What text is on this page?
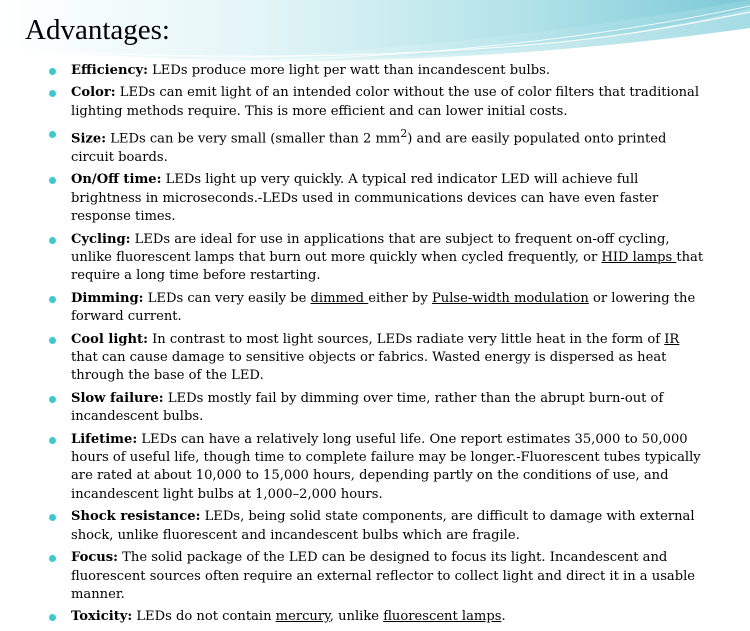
Advantages:
Efficiency: LEDs produce more light per watt than incandescent bulbs.
Color: LEDs can emit light of an intended color without the use of color filters that traditional lighting methods require. This is more efficient and can lower initial costs.
Size: LEDs can be very small (smaller than 2 $mm^2$) and are easily populated onto printed circuit boards.
On/Off time: LEDs light up very quickly. A typical red indicator LED will achieve full brightness in microseconds.-LEDs used in communications devices can have even faster response times.
Cycling: LEDs are ideal for use in applications that are subject to frequent on-off cycling, unlike fluorescent lamps that burn out more quickly when cycled frequently, or HID lamps that require a long time before restarting.
Dimming: LEDs can very easily be dimmed either by Pulse-width modulation or lowering the forward current.
Cool light: In contrast to most light sources, LEDs radiate very little heat in the form of IR that can cause damage to sensitive objects or fabrics. Wasted energy is dispersed as heat through the base of the LED.
Slow failure: LEDs mostly fail by dimming over time, rather than the abrupt burn-out of incandescent bulbs.
Lifetime: LEDs can have a relatively long useful life. One report estimates 35,000 to 50,000 hours of useful life, though time to complete failure may be longer.-Fluorescent tubes typically are rated at about 10,000 to 15,000 hours, depending partly on the conditions of use, and incandescent light bulbs at 1,000–2,000 hours.
Shock resistance: LEDs, being solid state components, are difficult to damage with external shock, unlike fluorescent and incandescent bulbs which are fragile.
Focus: The solid package of the LED can be designed to focus its light. Incandescent and fluorescent sources often require an external reflector to collect light and direct it in a usable manner.
Toxicity: LEDs do not contain mercury, unlike fluorescent lamps.
